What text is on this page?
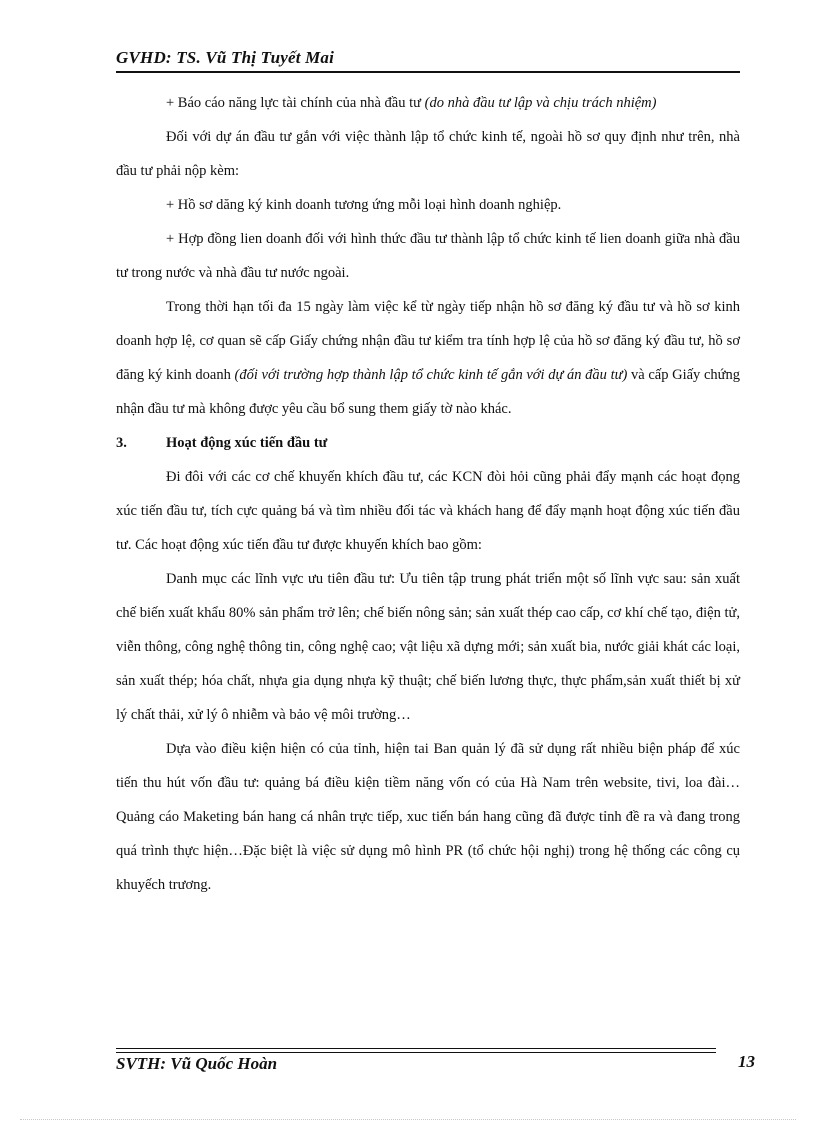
GVHD: TS. Vũ Thị Tuyết Mai

+ Báo cáo năng lực tài chính của nhà đầu tư (do nhà đầu tư lập và chịu trách nhiệm)

Đối với dự án đầu tư gắn với việc thành lập tổ chức kinh tế, ngoài hồ sơ quy định như trên, nhà đầu tư phải nộp kèm:

+ Hồ sơ dăng ký kinh doanh tương ứng mỗi loại hình doanh nghiệp.

+ Hợp đồng lien doanh đối với hình thức đầu tư thành lập tổ chức kinh tế lien doanh giữa nhà đầu tư trong nước và nhà đầu tư nước ngoài.

Trong thời hạn tối đa 15 ngày làm việc kể từ ngày tiếp nhận hồ sơ đăng ký đầu tư và hồ sơ kinh doanh hợp lệ, cơ quan sẽ cấp Giấy chứng nhận đầu tư kiểm tra tính hợp lệ của hồ sơ đăng ký đầu tư, hồ sơ đăng ký kinh doanh (đối với trường hợp thành lập tổ chức kinh tế gắn với dự án đầu tư) và cấp Giấy chứng nhận đầu tư mà không được yêu cầu bổ sung them giấy tờ nào khác.

3.	Hoạt động xúc tiến đầu tư

Đi đôi với các cơ chế khuyến khích đầu tư, các KCN đòi hỏi cũng phải đẩy mạnh các hoạt đọng xúc tiến đầu tư, tích cực quảng bá và tìm nhiều đối tác và khách hang để đẩy mạnh hoạt động xúc tiến đầu tư. Các hoạt động xúc tiến đầu tư được khuyến khích bao gồm:

Danh mục các lĩnh vực ưu tiên đầu tư: Ưu tiên tập trung phát triển một số lĩnh vực sau: sản xuất chế biến xuất khẩu 80% sản phẩm trở lên; chế biến nông sản; sản xuất thép cao cấp, cơ khí chế tạo, điện tử, viễn thông, công nghệ thông tin, công nghệ cao; vật liệu xã dựng mới; sản xuất bia, nước giải khát các loại, sản xuất thép; hóa chất, nhựa gia dụng nhựa kỹ thuật; chế biến lương thực, thực phẩm,sản xuất thiết bị xử lý chất thải, xử lý ô nhiễm và bảo vệ môi trường…

Dựa vào điều kiện hiện có của tỉnh, hiện tai Ban quản lý đã sử dụng rất nhiều biện pháp để xúc tiến thu hút vốn đầu tư: quảng bá điều kiện tiềm năng vốn có của Hà Nam trên website, tivi, loa đài…Quảng cáo Maketing bán hang cá nhân trực tiếp, xuc tiến bán hang cũng đã được tỉnh đề ra và đang trong quá trình thực hiện…Đặc biệt là việc sử dụng mô hình PR (tổ chức hội nghị) trong hệ thống các công cụ khuyếch trương.

SVTH: Vũ Quốc Hoàn	13
